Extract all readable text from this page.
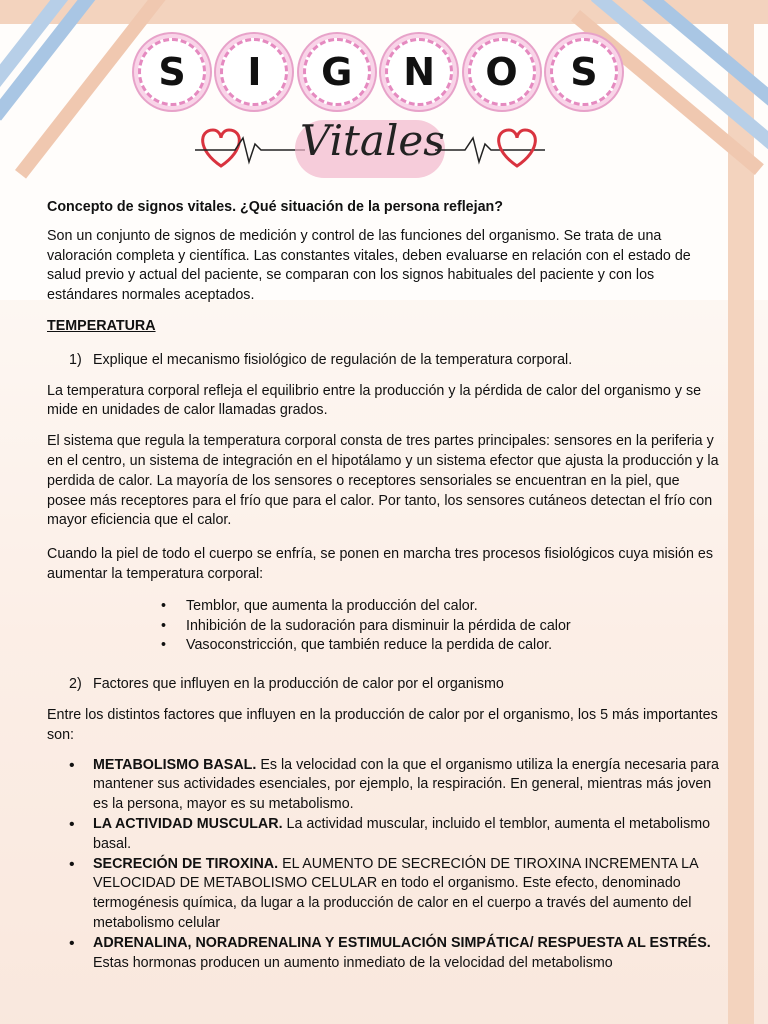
S	I	G	N	O	S
Vitales

Concepto de signos vitales. ¿Qué situación de la persona reflejan?

Son un conjunto de signos de medición y control de las funciones del organismo. Se trata de una valoración completa y científica. Las constantes vitales, deben evaluarse en relación con el estado de salud previo y actual del paciente, se comparan con los signos habituales del paciente y con los estándares normales aceptados.

TEMPERATURA
1) Explique el mecanismo fisiológico de regulación de la temperatura corporal.

La temperatura corporal refleja el equilibrio entre la producción y la pérdida de calor del organismo y se mide en unidades de calor llamadas grados.

El sistema que regula la temperatura corporal consta de tres partes principales: sensores en la periferia y en el centro, un sistema de integración en el hipotálamo y un sistema efector que ajusta la producción y la perdida de calor. La mayoría de los sensores o receptores sensoriales se encuentran en la piel, que posee más receptores para el frío que para el calor. Por tanto, los sensores cutáneos detectan el frío con mayor eficiencia que el calor.

Cuando la piel de todo el cuerpo se enfría, se ponen en marcha tres procesos fisiológicos cuya misión es aumentar la temperatura corporal:

• Temblor, que aumenta la producción del calor.
• Inhibición de la sudoración para disminuir la pérdida de calor
• Vasoconstricción, que también reduce la perdida de calor.
2) Factores que influyen en la producción de calor por el organismo

Entre los distintos factores que influyen en la producción de calor por el organismo, los 5 más importantes son:

• METABOLISMO BASAL. Es la velocidad con la que el organismo utiliza la energía necesaria para mantener sus actividades esenciales, por ejemplo, la respiración. En general, mientras más joven es la persona, mayor es su metabolismo.
• LA ACTIVIDAD MUSCULAR. La actividad muscular, incluido el temblor, aumenta el metabolismo basal.
• SECRECIÓN DE TIROXINA. EL AUMENTO DE SECRECIÓN DE TIROXINA INCREMENTA LA VELOCIDAD DE METABOLISMO CELULAR en todo el organismo. Este efecto, denominado termogénesis química, da lugar a la producción de calor en el cuerpo a través del aumento del metabolismo celular
• ADRENALINA, NORADRENALINA Y ESTIMULACIÓN SIMPÁTICA/ RESPUESTA AL ESTRÉS. Estas hormonas producen un aumento inmediato de la velocidad del metabolismo
